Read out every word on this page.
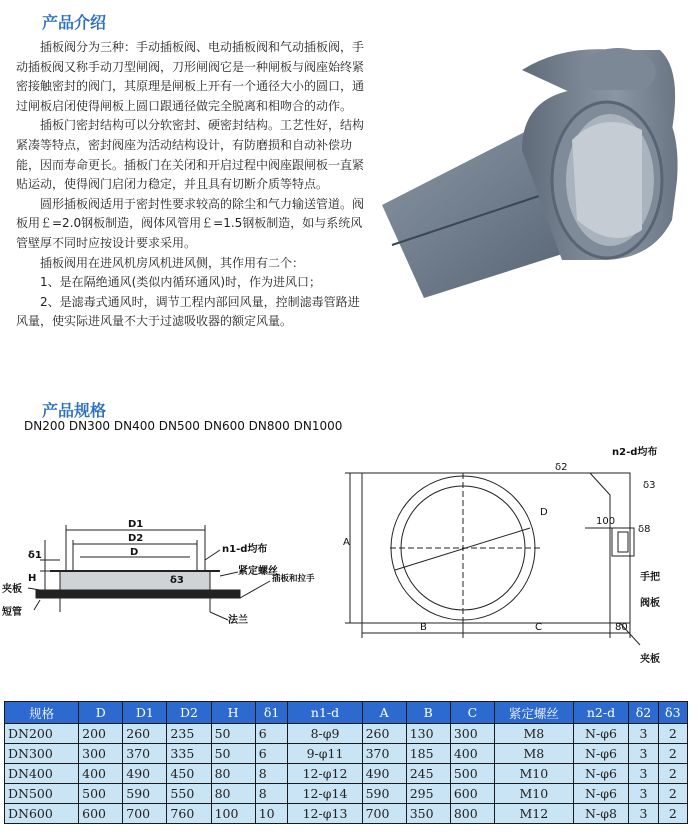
产品介绍

插板阀分为三种：手动插板阀、电动插板阀和气动插板阀，手动插板阀又称手动刀型闸阀，刀形闸阀它是一种闸板与阀座始终紧密接触密封的阀门，其原理是闸板上开有一个通径大小的圆口，通过闸板启闭使得闸板上圆口跟通径做完全脱离和相吻合的动作。

插板门密封结构可以分软密封、硬密封结构。工艺性好，结构紧凑等特点，密封阀座为活动结构设计，有防磨损和自动补偿功能，因而寿命更长。插板门在关闭和开启过程中阀座跟闸板一直紧贴运动，使得阀门启闭力稳定，并且具有切断介质等特点。

圆形插板阀适用于密封性要求较高的除尘和气力输送管道。阀板用￡=2.0钢板制造，阀体风管用￡=1.5钢板制造，如与系统风管壁厚不同时应按设计要求采用。

插板阀用在进风机房风机进风侧，其作用有二个：

1、是在隔绝通风(类似内循环通风)时，作为进风口；

2、是滤毒式通风时，调节工程内部回风量，控制滤毒管路进风量，使实际进风量不大于过滤吸收器的额定风量。

产品规格
DN200 DN300 DN400 DN500 DN600 DN800 DN1000
D1
D2
D
δ1
H	δ3
n1-d均布
紧定螺丝
插板和拉手
夹板
短管
法兰
δ2
n2-d均布
δ3
A
B	C
100
80
δ8
D
手把
阀板
夹板
规格	D	D1	D2	H	δ1	n1-d	A	B	C	紧定螺丝	n2-d	δ2	δ3
DN200	200	260	235	50	6	8-φ9	260	130	300	M8	N-φ6	3	2
DN300	300	370	335	50	6	9-φ11	370	185	400	M8	N-φ6	3	2
DN400	400	490	450	80	8	12-φ12	490	245	500	M10	N-φ6	3	2
DN500	500	590	550	80	8	12-φ14	590	295	600	M10	N-φ6	3	2
DN600	600	700	760	100	10	12-φ13	700	350	800	M12	N-φ8	3	2
